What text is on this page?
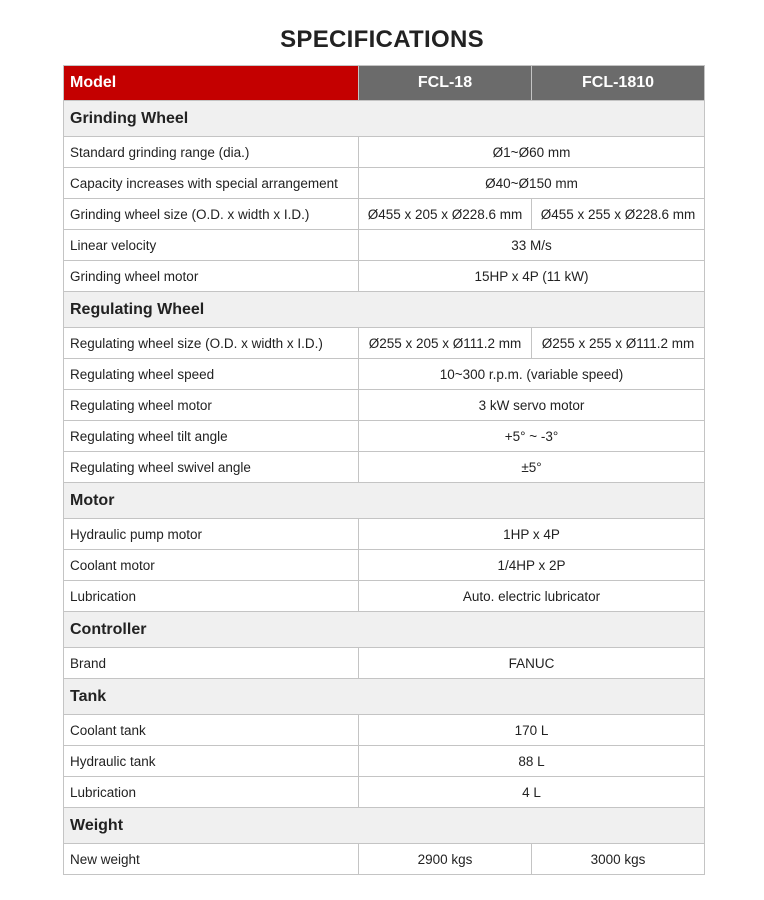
SPECIFICATIONS
Model	FCL-18	FCL-1810
Grinding Wheel		
Standard grinding range (dia.)	Ø1~Ø60 mm	
Capacity increases with special arrangement	Ø40~Ø150 mm	
Grinding wheel size (O.D. x width x I.D.)	Ø455 x 205 x Ø228.6 mm	Ø455 x 255 x Ø228.6 mm
Linear velocity	33 M/s	
Grinding wheel motor	15HP x 4P (11 kW)	
Regulating Wheel		
Regulating wheel size (O.D. x width x I.D.)	Ø255 x 205 x Ø111.2 mm	Ø255 x 255 x Ø111.2 mm
Regulating wheel speed	10~300 r.p.m. (variable speed)	
Regulating wheel motor	3 kW servo motor	
Regulating wheel tilt angle	+5° ~ -3°	
Regulating wheel swivel angle	±5°	
Motor		
Hydraulic pump motor	1HP x 4P	
Coolant motor	1/4HP x 2P	
Lubrication	Auto. electric lubricator	
Controller		
Brand	FANUC	
Tank		
Coolant tank	170 L	
Hydraulic tank	88 L	
Lubrication	4 L	
Weight		
New weight	2900 kgs	3000 kgs
